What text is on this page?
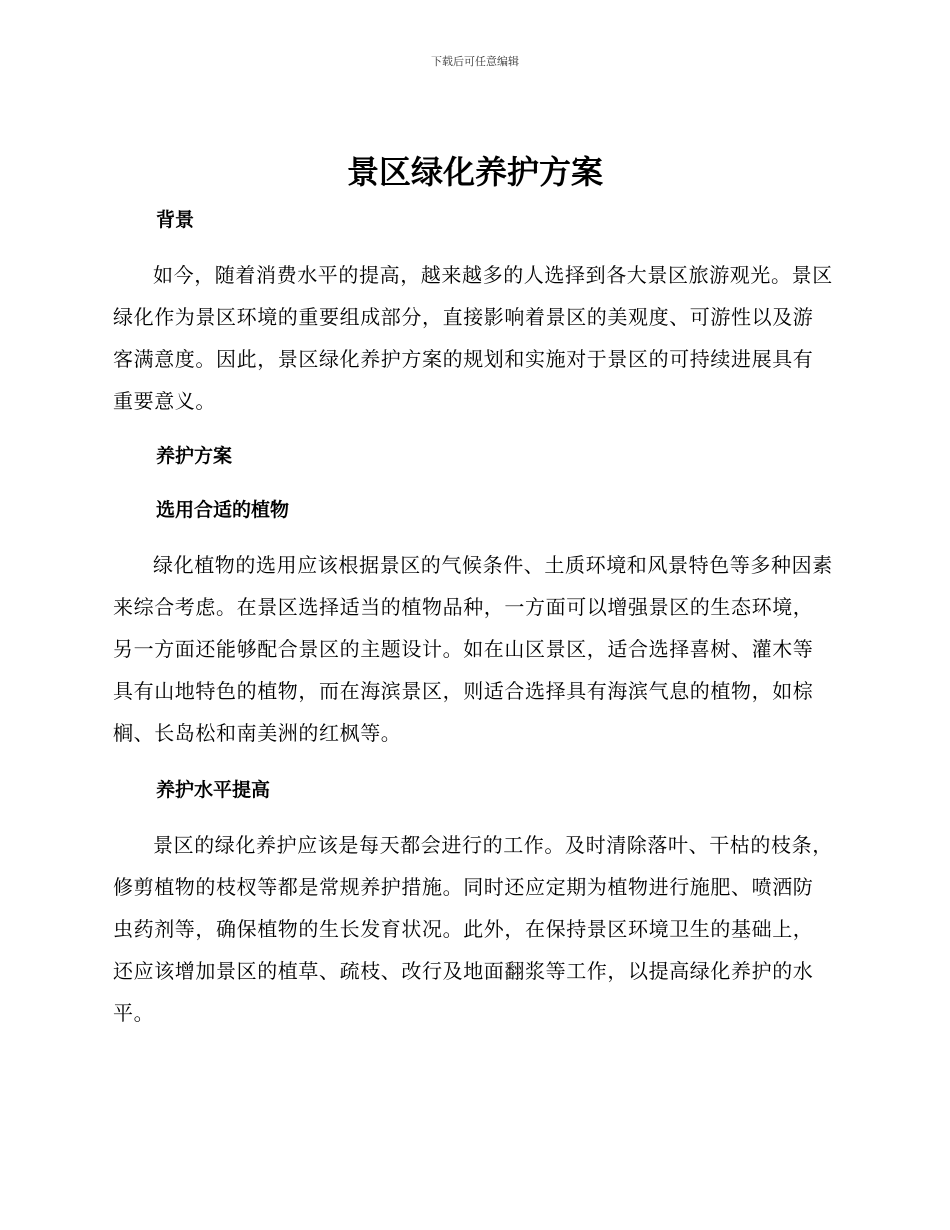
下载后可任意编辑
景区绿化养护方案
背景

如今，随着消费水平的提高，越来越多的人选择到各大景区旅游观光。景区绿化作为景区环境的重要组成部分，直接影响着景区的美观度、可游性以及游客满意度。因此，景区绿化养护方案的规划和实施对于景区的可持续进展具有重要意义。

养护方案
选用合适的植物

绿化植物的选用应该根据景区的气候条件、土质环境和风景特色等多种因素来综合考虑。在景区选择适当的植物品种，一方面可以增强景区的生态环境，另一方面还能够配合景区的主题设计。如在山区景区，适合选择喜树、灌木等具有山地特色的植物，而在海滨景区，则适合选择具有海滨气息的植物，如棕榈、长岛松和南美洲的红枫等。

养护水平提高

景区的绿化养护应该是每天都会进行的工作。及时清除落叶、干枯的枝条，修剪植物的枝杈等都是常规养护措施。同时还应定期为植物进行施肥、喷洒防虫药剂等，确保植物的生长发育状况。此外，在保持景区环境卫生的基础上，还应该增加景区的植草、疏枝、改行及地面翻浆等工作，以提高绿化养护的水平。
